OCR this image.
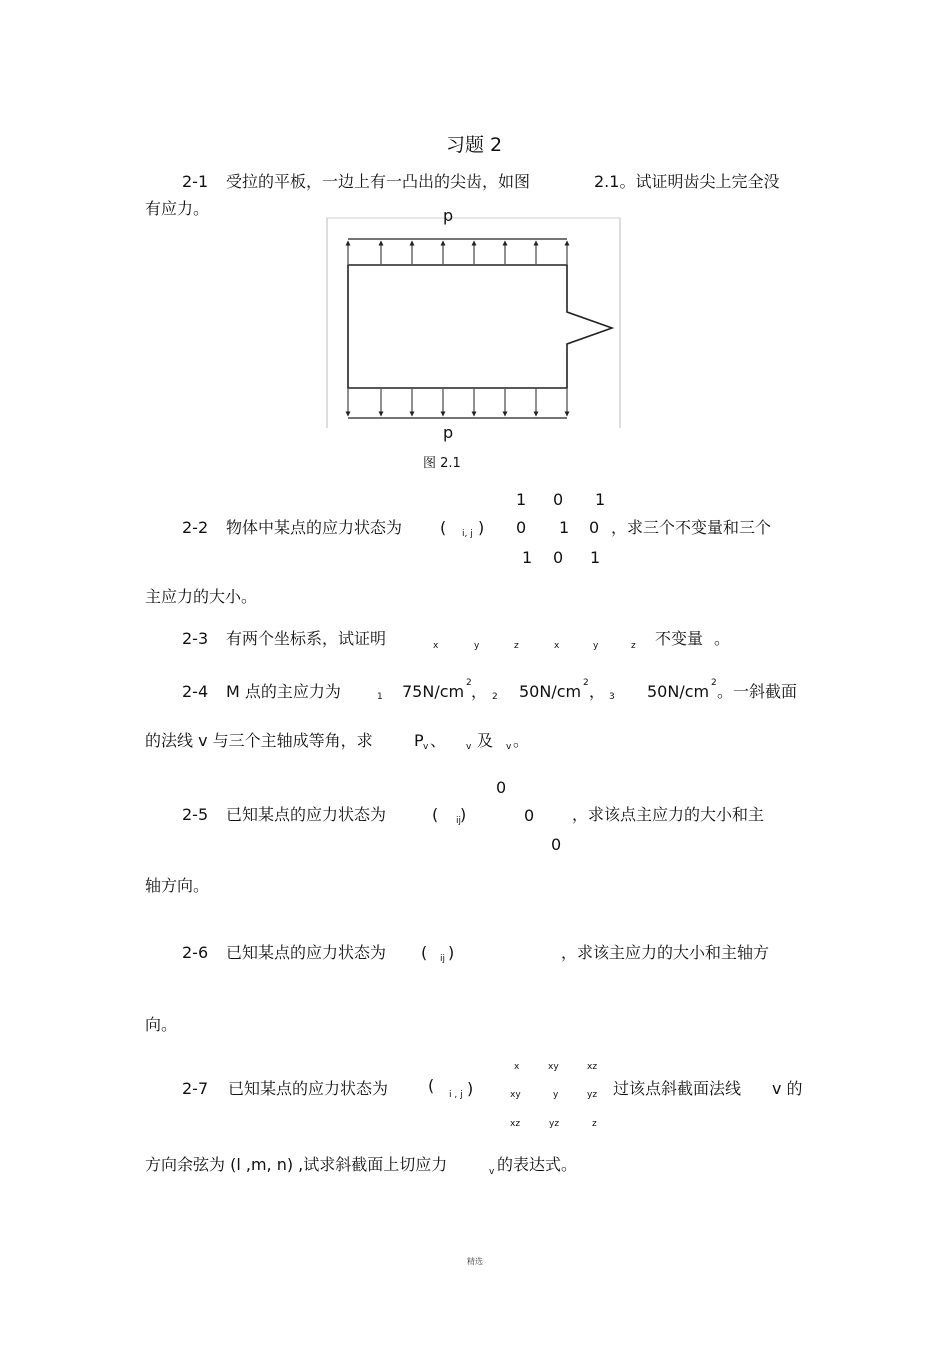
习题 2
2-1 受拉的平板，一边上有一凸出的尖齿，如图	2.1。试证明齿尖上完全没
有应力。	p
p
图 2.1
1 0 1
2-2 物体中某点的应力状态为 ( i, j ) 0 1 0 ，求三个不变量和三个
1 0 1
主应力的大小。
2-3 有两个坐标系，试证明	x	y	z	x	y	z 不变量 。
2-4 M 点的主应力为	1 75N/cm 2 ， 2 50N/cm 2 ， 3 50N/cm 2 。一斜截面
的法线 v 与三个主轴成等角，求	P v 、 v 及 v 。
0
2-5 已知某点的应力状态为	( ij
)	0 ，求该点主应力的大小和主
0
轴方向。
2-6 已知某点的应力状态为 ( ij )	，求该主应力的大小和主轴方
向。
x	xy	xz
2-7 已知某点的应力状态为 ( i , j )	xy	y	yz 过该点斜截面法线 v 的
xz	yz	z
方向余弦为 (l ,m, n) ,试求斜截面上切应力	v 的表达式。
精选
